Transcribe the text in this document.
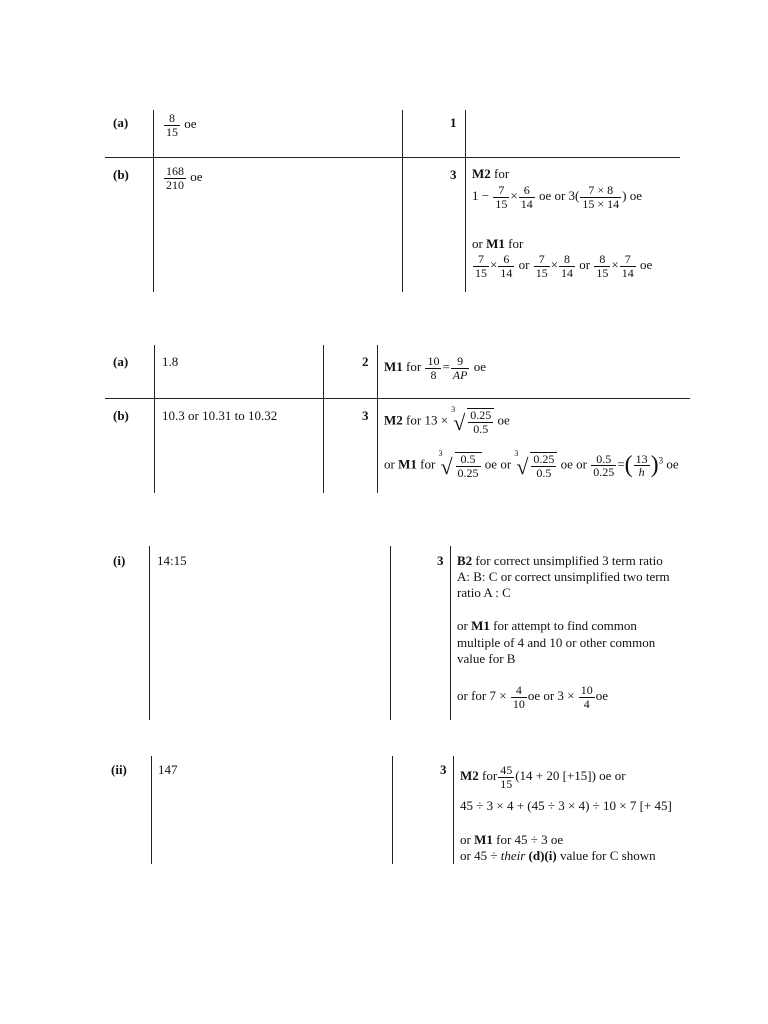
(a)	$\frac{8}{15}$ oe	1
(b)	$\frac{168}{210}$ oe	3 M2 for
$1 - \frac{7}{15} \times \frac{6}{14}$ oe or $3( \frac{7 \times 8}{15 \times 14}$ ) oe
or M1 for
$\frac{7}{15} \times \frac{6}{14}$ or $\frac{7}{15} \times \frac{8}{14}$ or $\frac{8}{15} \times \frac{7}{14}$ oe
(a)	1.8	2 M1 for $\frac{10}{8} = \frac{9}{AP}$ oe
(b)	10.3 or 10.31 to 10.32	3 M2 for 13 ×
3
√ $\frac{0.25}{0.5}$ oe
or M1 for
3
√ $\frac{0.5}{0.25}$ oe or
3
√ $\frac{0.25}{0.5}$ oe or $\frac{0.5}{0.25}$ =( $\frac{13}{h} )^3$ oe
(i) 14:15	3 B2 for correct unsimplified 3 term ratio
A: B: C or correct unsimplified two term
ratio A : C
or M1 for attempt to find common
multiple of 4 and 10 or other common
value for B
or for $7 \times \frac{4}{10}$ oe or $3 \times \frac{10}{4}$ oe
(ii) 147	3 M2 for $\frac{45}{15} (14 + 20$ [+15]) oe or
45 ÷ 3 × 4 + (45 ÷ 3 × 4) ÷ 10 × 7 [+ 45]
or M1 for 45 ÷ 3 oe
or 45 ÷ their (d)(i) value for C shown
